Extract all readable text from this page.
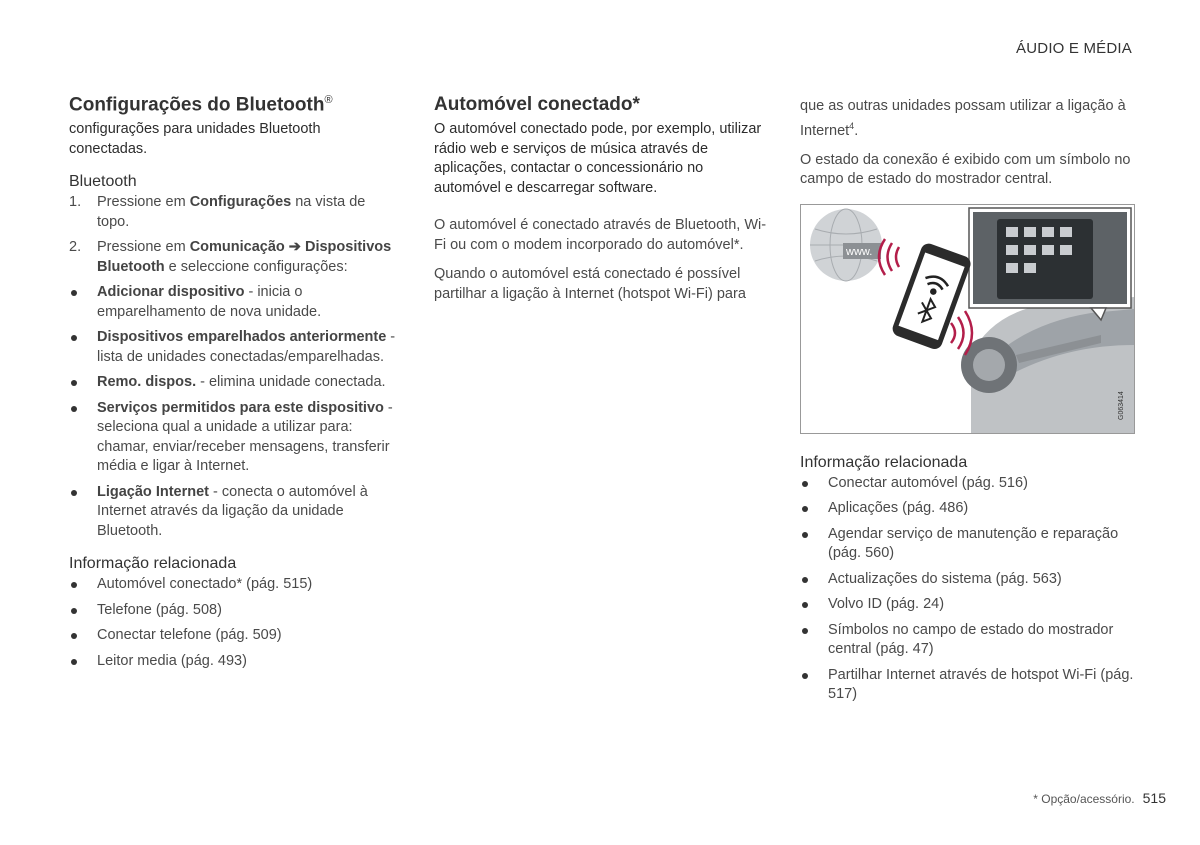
ÁUDIO E MÉDIA
Configurações do Bluetooth®

configurações para unidades Bluetooth conectadas.

Bluetooth
1. Pressione em Configurações na vista de topo.
2. Pressione em Comunicação ➔ Dispositivos Bluetooth e seleccione configurações:
Adicionar dispositivo - inicia o emparelhamento de nova unidade.
Dispositivos emparelhados anteriormente - lista de unidades conectadas/emparelhadas.
Remo. dispos. - elimina unidade conectada.
Serviços permitidos para este dispositivo - seleciona qual a unidade a utilizar para: chamar, enviar/receber mensagens, transferir média e ligar à Internet.
Ligação Internet - conecta o automóvel à Internet através da ligação da unidade Bluetooth.
Informação relacionada
Automóvel conectado* (pág. 515)
Telefone (pág. 508)
Conectar telefone (pág. 509)
Leitor media (pág. 493)
Automóvel conectado*

O automóvel conectado pode, por exemplo, utilizar rádio web e serviços de música através de aplicações, contactar o concessionário no automóvel e descarregar software.

O automóvel é conectado através de Bluetooth, Wi-Fi ou com o modem incorporado do automóvel*.

Quando o automóvel está conectado é possível partilhar a ligação à Internet (hotspot Wi-Fi) para

que as outras unidades possam utilizar a ligação à Internet$^4$.

O estado da conexão é exibido com um símbolo no campo de estado do mostrador central.

www.
G063414
Informação relacionada
Conectar automóvel (pág. 516)
Aplicações (pág. 486)
Agendar serviço de manutenção e reparação (pág. 560)
Actualizações do sistema (pág. 563)
Volvo ID (pág. 24)
Símbolos no campo de estado do mostrador central (pág. 47)
Partilhar Internet através de hotspot Wi-Fi (pág. 517)
* Opção/acessório. 515
